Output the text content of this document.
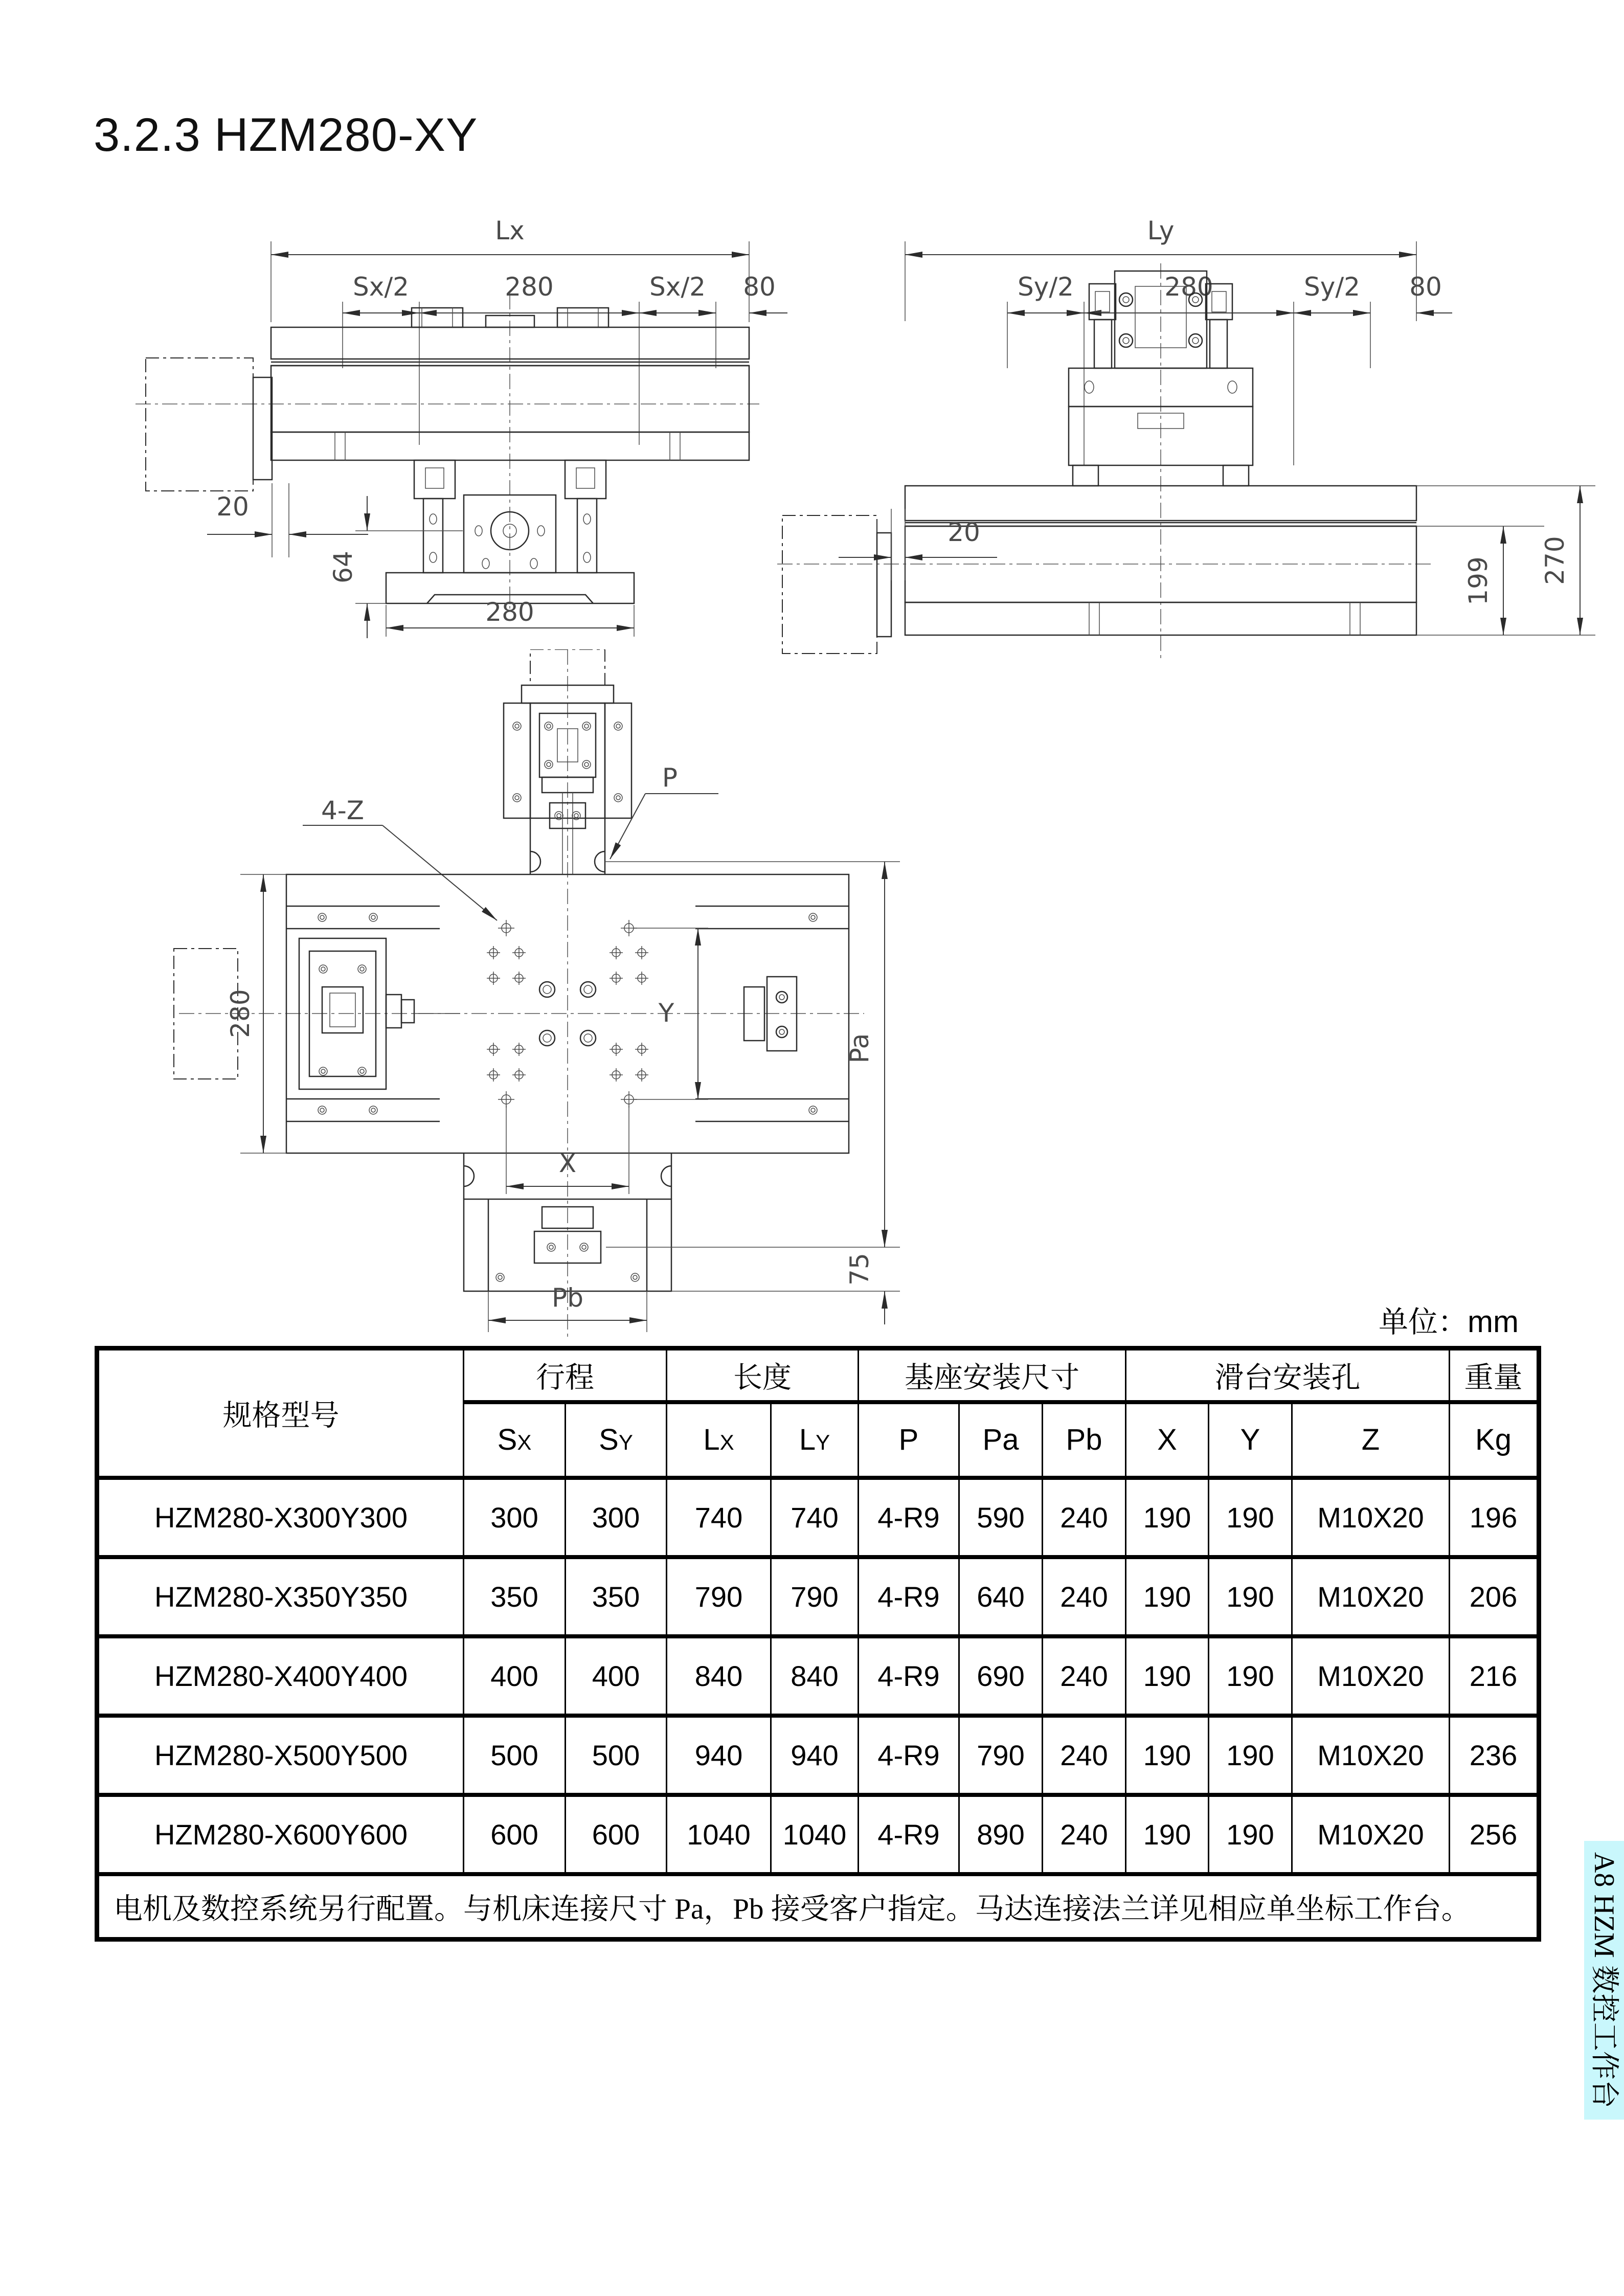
3.2.3 HZM280-XY
Lx
Sx/2	280	Sx/2 80
20
64
280
Ly
Sy/2	280	Sy/2 80
20
199 270
4-Z
P
Y
280
X
Pa
75
Pb
单位：mm
规格型号	行程		长度		基座安装尺寸			滑台安装孔			重量
	SX	SY	LX	LY	P	Pa	Pb	X	Y	Z	Kg
HZM280-X300Y300	300	300	740	740	4-R9	590	240	190	190	M10X20	196
HZM280-X350Y350	350	350	790	790	4-R9	640	240	190	190	M10X20	206
HZM280-X400Y400	400	400	840	840	4-R9	690	240	190	190	M10X20	216
HZM280-X500Y500	500	500	940	940	4-R9	790	240	190	190	M10X20	236
HZM280-X600Y600	600	600	1040	1040	4-R9	890	240	190	190	M10X20	256
电机及数控系统另行配置。与机床连接尺寸 Pa，Pb 接受客户指定。马达连接法兰详见相应单坐标工作台。												A8 HZM 数控工作台
